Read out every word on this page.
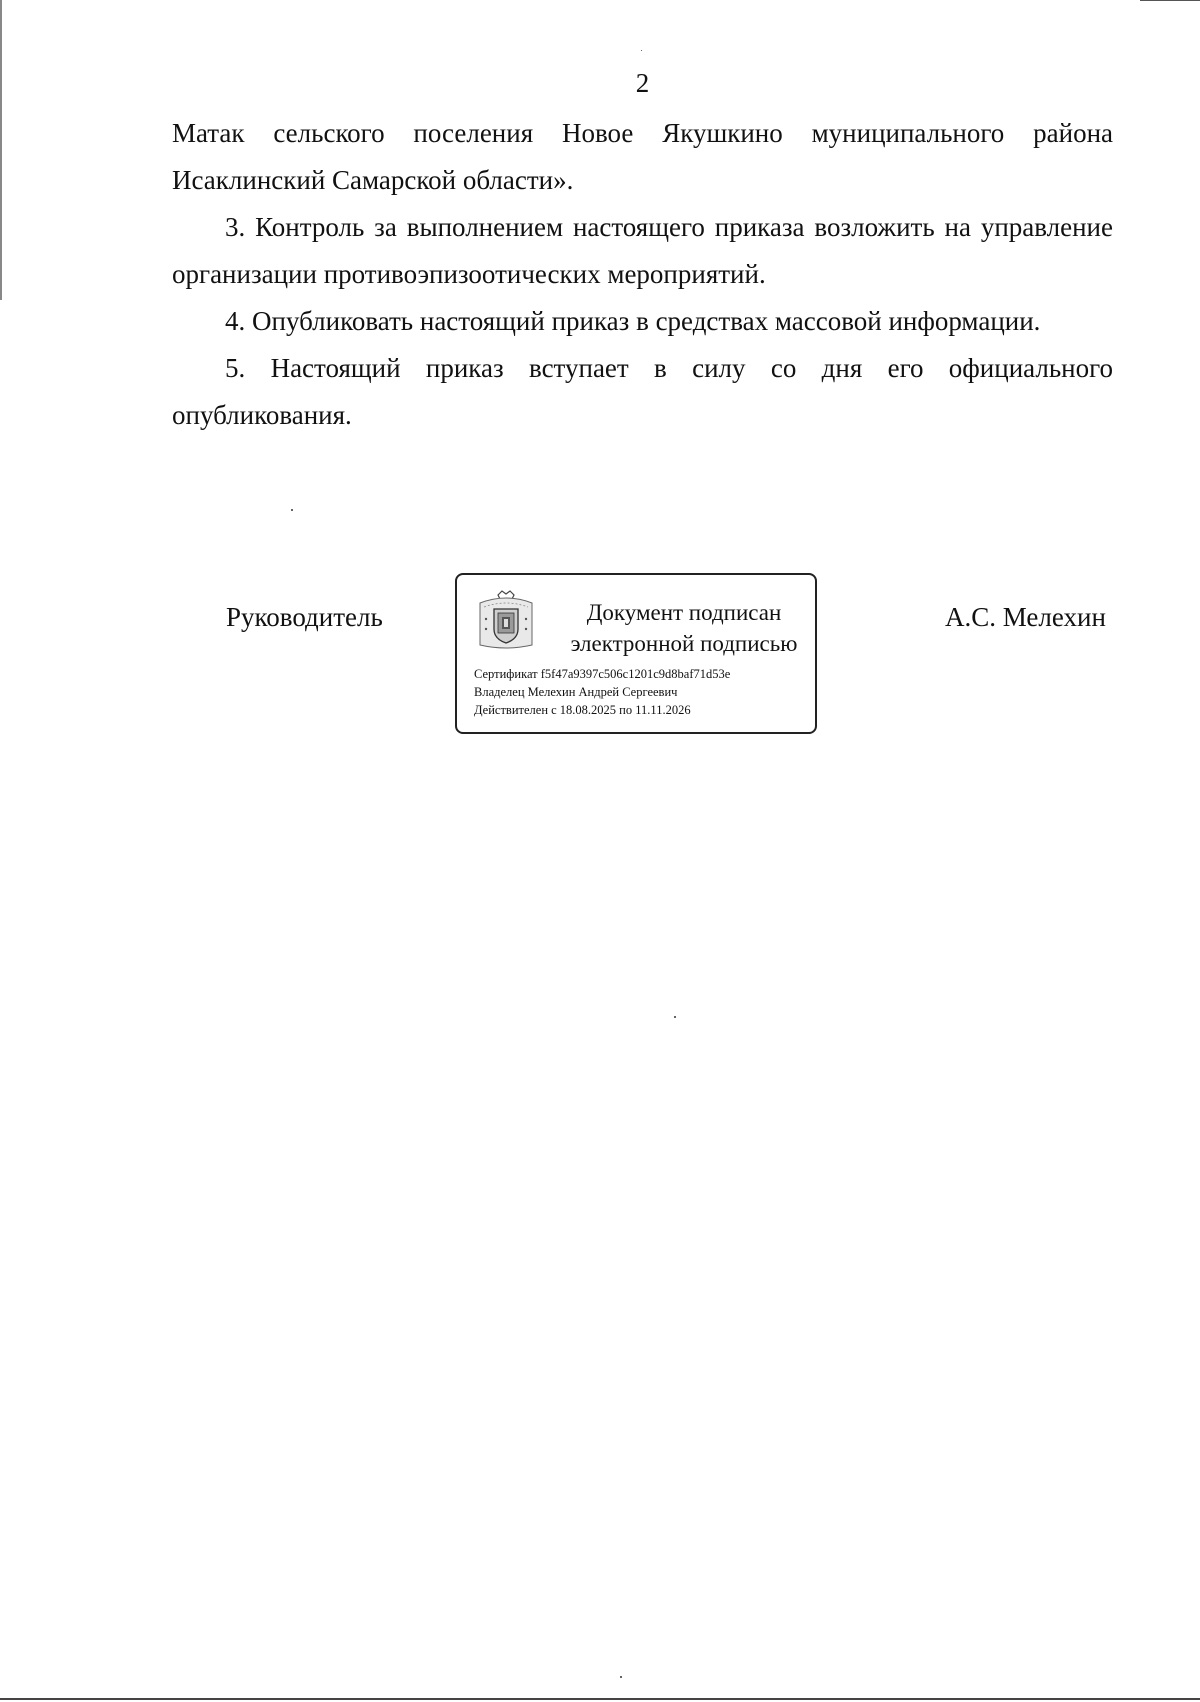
2

Матак сельского поселения Новое Якушкино муниципального района Исаклинский Самарской области».

3. Контроль за выполнением настоящего приказа возложить на управление организации противоэпизоотических мероприятий.

4. Опубликовать настоящий приказ в средствах массовой информации.

5. Настоящий приказ вступает в силу со дня его официального опубликования.

Руководитель	Документ подписан
электронной подписью
Сертификат f5f47a9397c506c1201c9d8baf71d53e
Владелец Мелехин Андрей Сергеевич
Действителен с 18.08.2025 по 11.11.2026
А.С. Мелехин
